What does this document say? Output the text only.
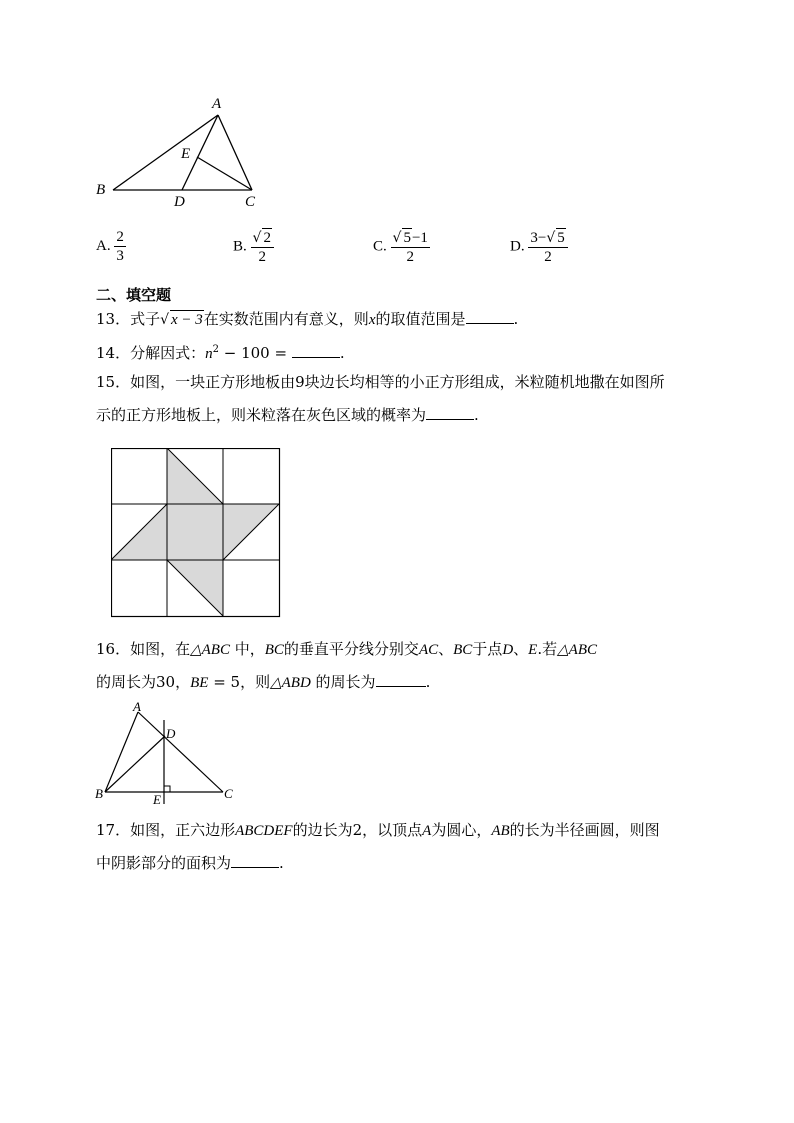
A
B
C
D
E
A. $\frac{2}{3}$	B. $\frac{√ 2}{2}$	C. $\frac{√ 5-1}{2}$	D. $\frac{3-√ 5}{2}$
二、填空题
13．式子√ x − 3在实数范围内有意义，则x的取值范围是	.
14．分解因式：$n^2 - 100$ =	.
15．如图，一块正方形地板由9块边长均相等的小正方形组成，米粒随机地撒在如图所
示的正方形地板上，则米粒落在灰色区域的概率为	.
16．如图，在△ABC 中，BC的垂直平分线分别交AC、BC于点D、E.若△ABC
的周长为30，BE = 5，则△ABD 的周长为	.
A
B	C
D
E
17．如图，正六边形ABCDEF的边长为2，以顶点A为圆心，AB的长为半径画圆，则图
中阴影部分的面积为	.
